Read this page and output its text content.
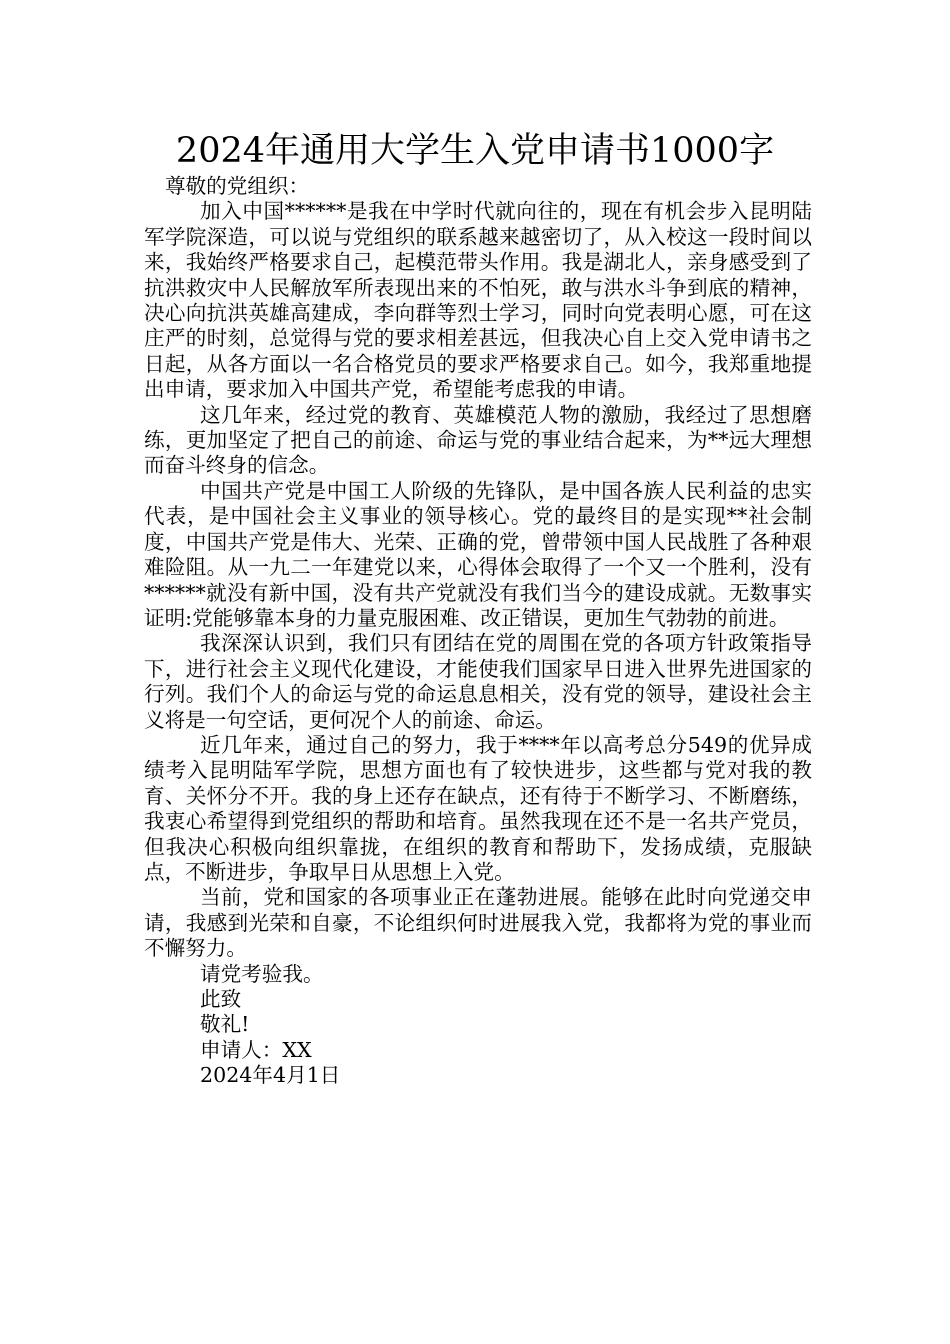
2024年通用大学生入党申请书1000字

尊敬的党组织：

加入中国******是我在中学时代就向往的，现在有机会步入昆明陆军学院深造，可以说与党组织的联系越来越密切了，从入校这一段时间以来，我始终严格要求自己，起模范带头作用。我是湖北人，亲身感受到了抗洪救灾中人民解放军所表现出来的不怕死，敢与洪水斗争到底的精神，决心向抗洪英雄高建成，李向群等烈士学习，同时向党表明心愿，可在这庄严的时刻，总觉得与党的要求相差甚远，但我决心自上交入党申请书之日起，从各方面以一名合格党员的要求严格要求自己。如今，我郑重地提出申请，要求加入中国共产党，希望能考虑我的申请。

这几年来，经过党的教育、英雄模范人物的激励，我经过了思想磨练，更加坚定了把自己的前途、命运与党的事业结合起来，为**远大理想而奋斗终身的信念。

中国共产党是中国工人阶级的先锋队，是中国各族人民利益的忠实代表，是中国社会主义事业的领导核心。党的最终目的是实现**社会制度，中国共产党是伟大、光荣、正确的党，曾带领中国人民战胜了各种艰难险阻。从一九二一年建党以来，心得体会取得了一个又一个胜利，没有******就没有新中国，没有共产党就没有我们当今的建设成就。无数事实证明:党能够靠本身的力量克服困难、改正错误，更加生气勃勃的前进。

我深深认识到，我们只有团结在党的周围在党的各项方针政策指导下，进行社会主义现代化建设，才能使我们国家早日进入世界先进国家的行列。我们个人的命运与党的命运息息相关，没有党的领导，建设社会主义将是一句空话，更何况个人的前途、命运。

近几年来，通过自己的努力，我于****年以高考总分549的优异成绩考入昆明陆军学院，思想方面也有了较快进步，这些都与党对我的教育、关怀分不开。我的身上还存在缺点，还有待于不断学习、不断磨练，我衷心希望得到党组织的帮助和培育。虽然我现在还不是一名共产党员，但我决心积极向组织靠拢，在组织的教育和帮助下，发扬成绩，克服缺点，不断进步，争取早日从思想上入党。

当前，党和国家的各项事业正在蓬勃进展。能够在此时向党递交申请，我感到光荣和自豪，不论组织何时进展我入党，我都将为党的事业而不懈努力。

请党考验我。

此致

敬礼!

申请人：XX

2024年4月1日
